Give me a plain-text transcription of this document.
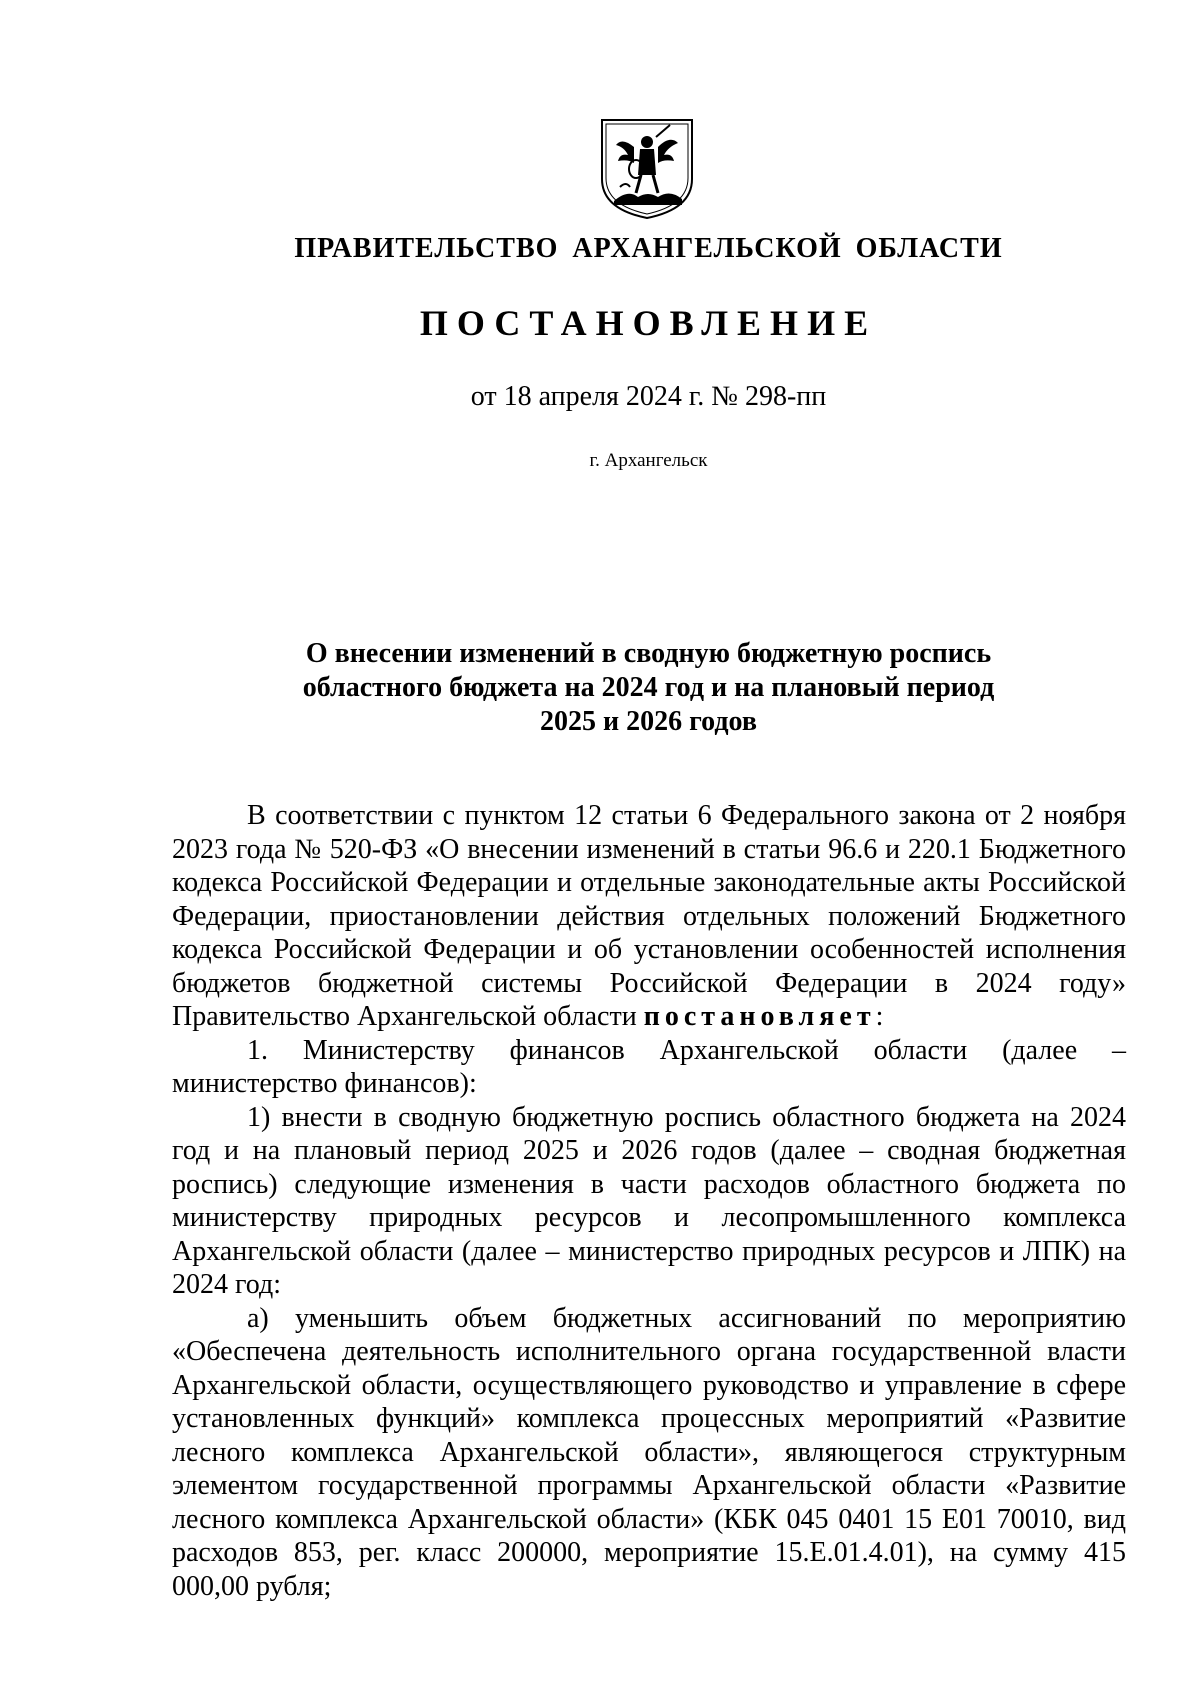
ПРАВИТЕЛЬСТВО АРХАНГЕЛЬСКОЙ ОБЛАСТИ
ПОСТАНОВЛЕНИЕ
от 18 апреля 2024 г. № 298-пп
г. Архангельск
О внесении изменений в сводную бюджетную роспись
областного бюджета на 2024 год и на плановый период
2025 и 2026 годов

В соответствии с пунктом 12 статьи 6 Федерального закона от 2 ноября 2023 года № 520-ФЗ «О внесении изменений в статьи 96.6 и 220.1 Бюджетного кодекса Российской Федерации и отдельные законодательные акты Российской Федерации, приостановлении действия отдельных положений Бюджетного кодекса Российской Федерации и об установлении особенностей исполнения бюджетов бюджетной системы Российской Федерации в 2024 году» Правительство Архангельской области постановляет:

1. Министерству финансов Архангельской области (далее – министерство финансов):

1) внести в сводную бюджетную роспись областного бюджета на 2024 год и на плановый период 2025 и 2026 годов (далее – сводная бюджетная роспись) следующие изменения в части расходов областного бюджета по министерству природных ресурсов и лесопромышленного комплекса Архангельской области (далее – министерство природных ресурсов и ЛПК) на 2024 год:

а) уменьшить объем бюджетных ассигнований по мероприятию «Обеспечена деятельность исполнительного органа государственной власти Архангельской области, осуществляющего руководство и управление в сфере установленных функций» комплекса процессных мероприятий «Развитие лесного комплекса Архангельской области», являющегося структурным элементом государственной программы Архангельской области «Развитие лесного комплекса Архангельской области» (КБК 045 0401 15 Е01 70010, вид расходов 853, рег. класс 200000, мероприятие 15.Е.01.4.01), на сумму 415 000,00 рубля;
